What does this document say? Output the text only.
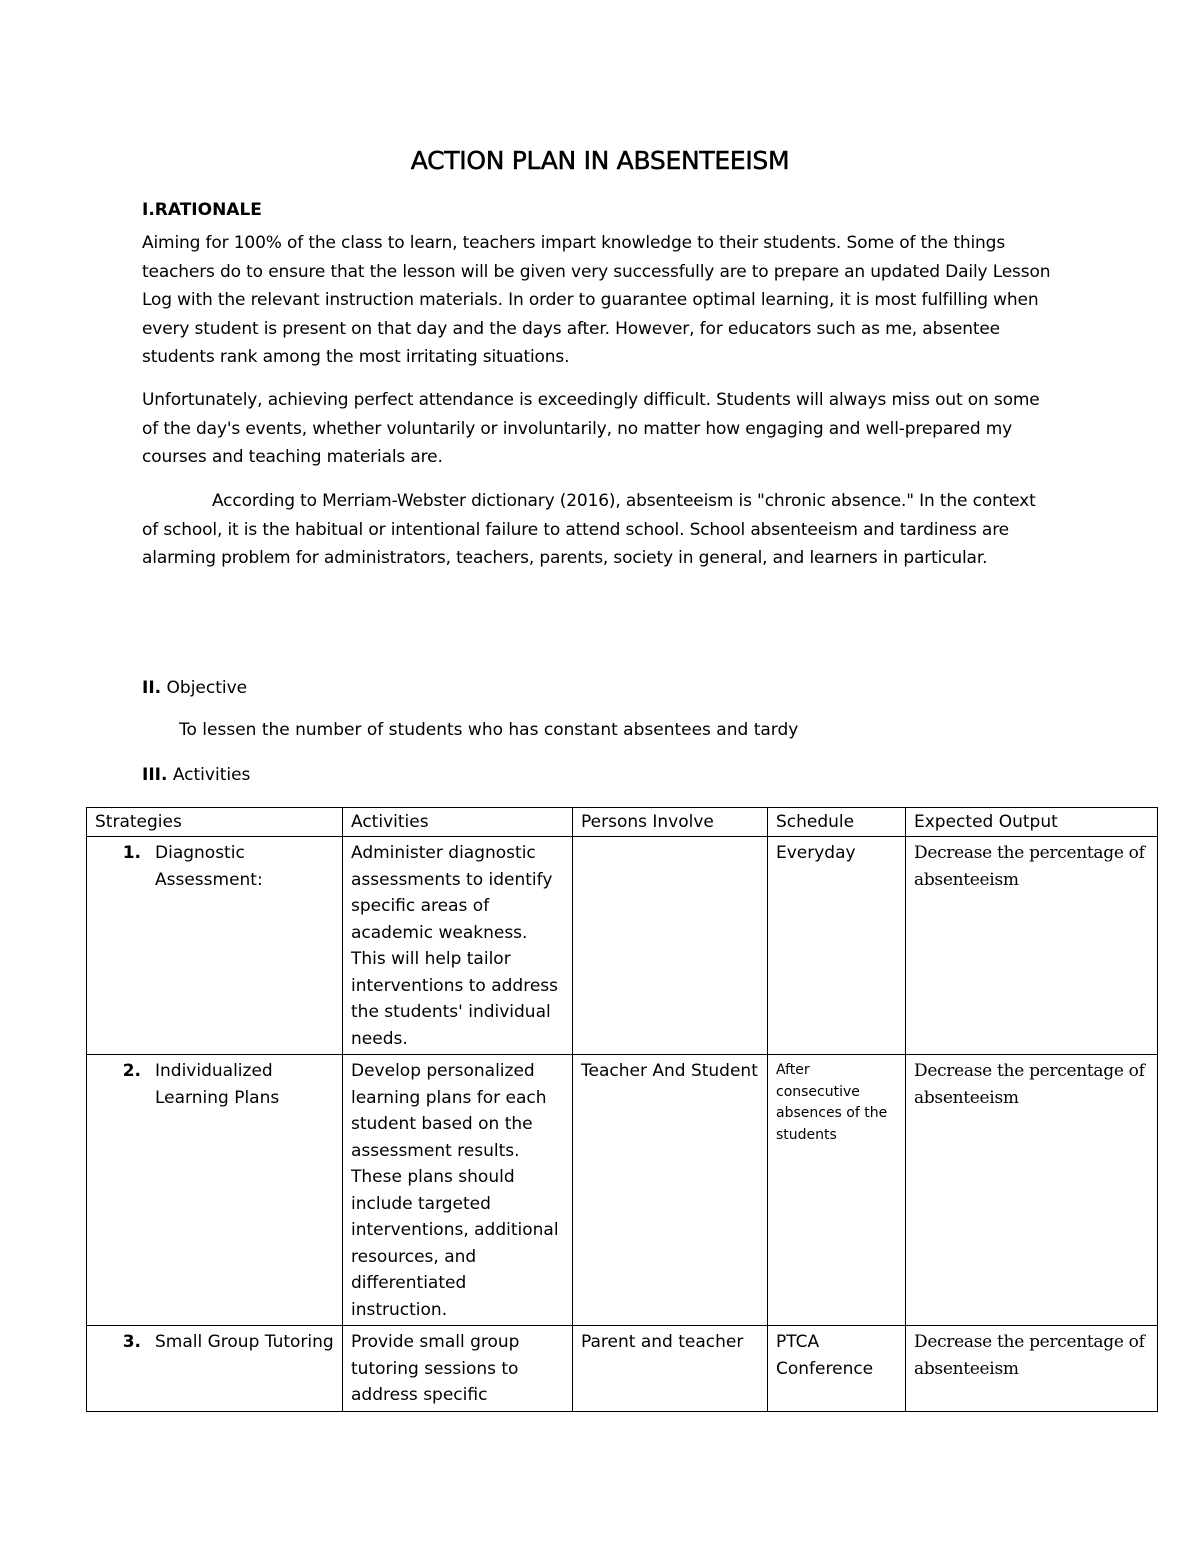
ACTION PLAN IN ABSENTEEISM
I.RATIONALE

Aiming for 100% of the class to learn, teachers impart knowledge to their students. Some of the things teachers do to ensure that the lesson will be given very successfully are to prepare an updated Daily Lesson Log with the relevant instruction materials. In order to guarantee optimal learning, it is most fulfilling when every student is present on that day and the days after. However, for educators such as me, absentee students rank among the most irritating situations.

Unfortunately, achieving perfect attendance is exceedingly difficult. Students will always miss out on some of the day's events, whether voluntarily or involuntarily, no matter how engaging and well-prepared my courses and teaching materials are.

According to Merriam-Webster dictionary (2016), absenteeism is "chronic absence." In the context of school, it is the habitual or intentional failure to attend school. School absenteeism and tardiness are alarming problem for administrators, teachers, parents, society in general, and learners in particular.

II. Objective
To lessen the number of students who has constant absentees and tardy
III. Activities
Strategies	Activities	Persons Involve	Schedule	Expected Output

1. Diagnostic Assessment:	Administer diagnostic assessments to identify specific areas of academic weakness. This will help tailor interventions to address the students' individual needs.		Everyday	Decrease the percentage of absenteeism

2. Individualized Learning Plans	Develop personalized learning plans for each student based on the assessment results. These plans should include targeted interventions, additional resources, and differentiated instruction.	Teacher And Student	After consecutive absences of the students	Decrease the percentage of absenteeism

3. Small Group Tutoring	Provide small group tutoring sessions to address specific	Parent and teacher	PTCA Conference	Decrease the percentage of absenteeism
